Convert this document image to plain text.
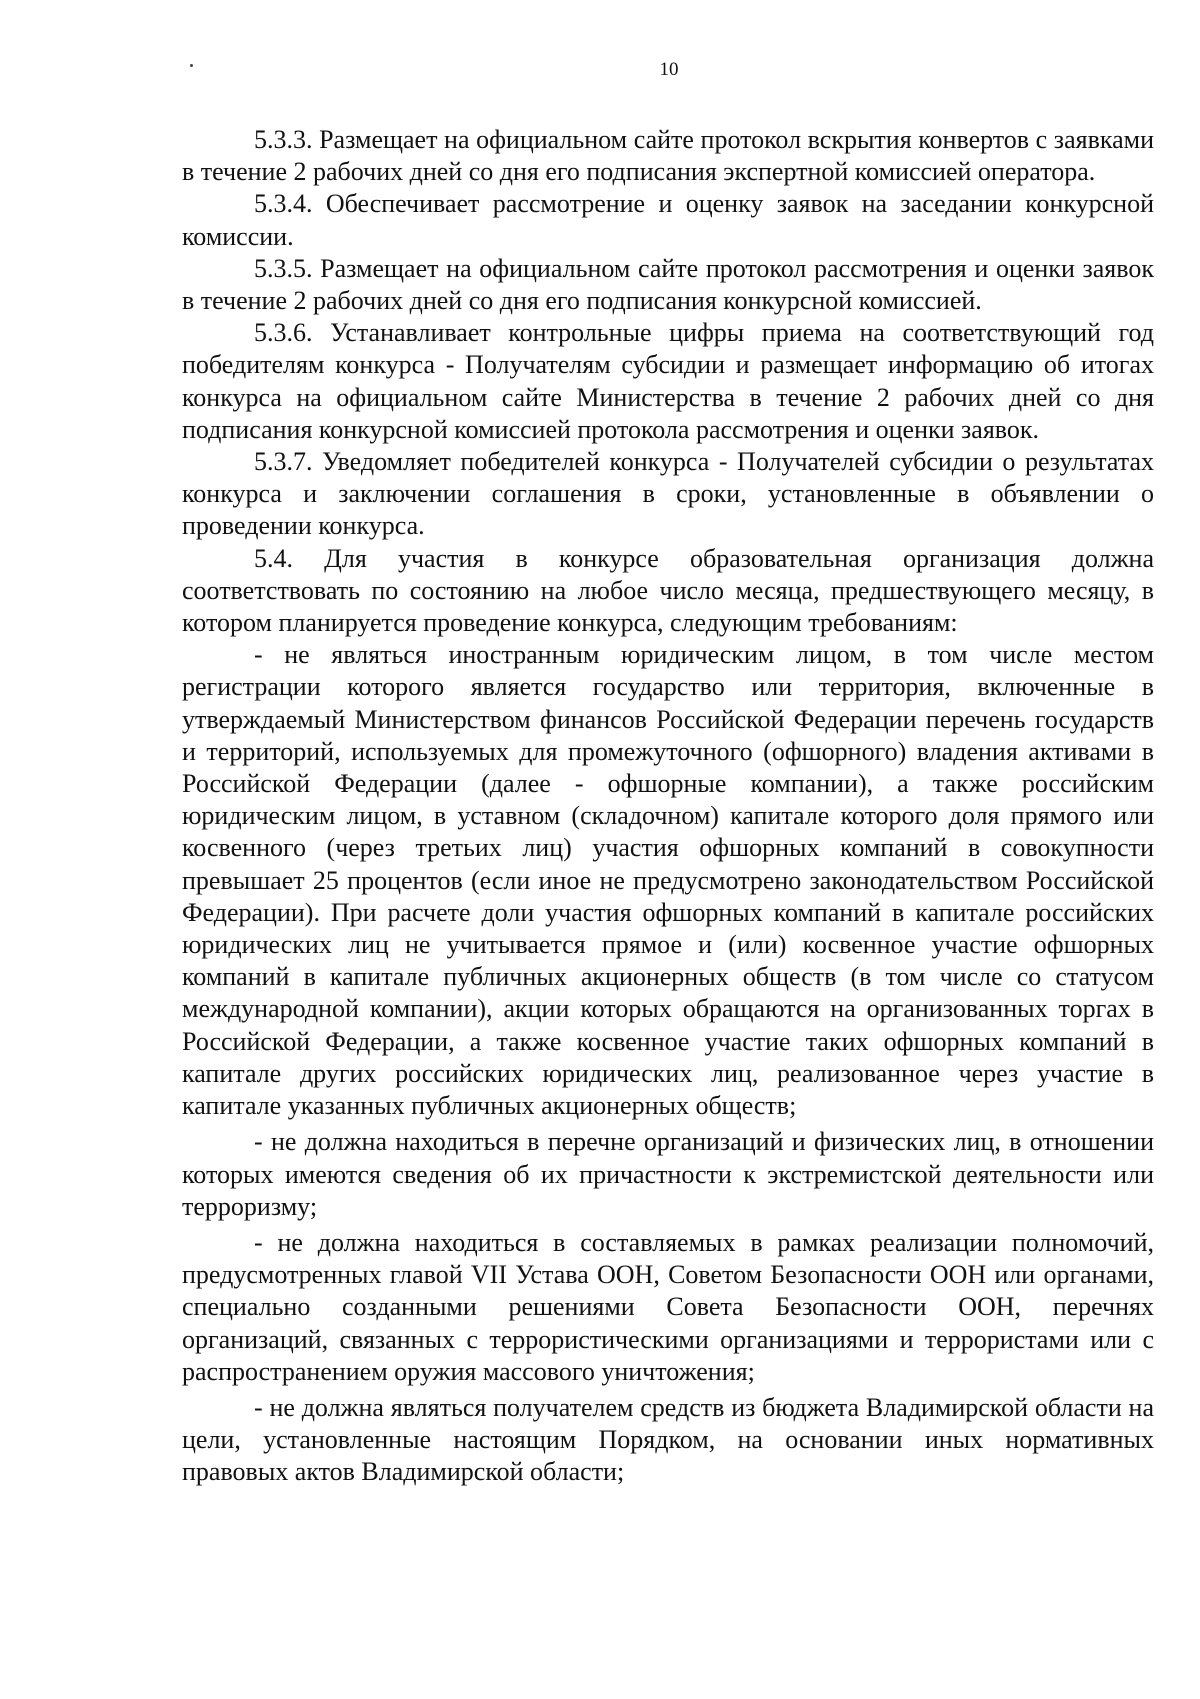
10

5.3.3. Размещает на официальном сайте протокол вскрытия конвертов с заявками в течение 2 рабочих дней со дня его подписания экспертной комиссией оператора.

5.3.4. Обеспечивает рассмотрение и оценку заявок на заседании конкурсной комиссии.

5.3.5. Размещает на официальном сайте протокол рассмотрения и оценки заявок в течение 2 рабочих дней со дня его подписания конкурсной комиссией.

5.3.6. Устанавливает контрольные цифры приема на соответствующий год победителям конкурса - Получателям субсидии и размещает информацию об итогах конкурса на официальном сайте Министерства в течение 2 рабочих дней со дня подписания конкурсной комиссией протокола рассмотрения и оценки заявок.

5.3.7. Уведомляет победителей конкурса - Получателей субсидии о результатах конкурса и заключении соглашения в сроки, установленные в объявлении о проведении конкурса.

5.4. Для участия в конкурсе образовательная организация должна соответствовать по состоянию на любое число месяца, предшествующего месяцу, в котором планируется проведение конкурса, следующим требованиям:

- не являться иностранным юридическим лицом, в том числе местом регистрации которого является государство или территория, включенные в утверждаемый Министерством финансов Российской Федерации перечень государств и территорий, используемых для промежуточного (офшорного) владения активами в Российской Федерации (далее - офшорные компании), а также российским юридическим лицом, в уставном (складочном) капитале которого доля прямого или косвенного (через третьих лиц) участия офшорных компаний в совокупности превышает 25 процентов (если иное не предусмотрено законодательством Российской Федерации). При расчете доли участия офшорных компаний в капитале российских юридических лиц не учитывается прямое и (или) косвенное участие офшорных компаний в капитале публичных акционерных обществ (в том числе со статусом международной компании), акции которых обращаются на организованных торгах в Российской Федерации, а также косвенное участие таких офшорных компаний в капитале других российских юридических лиц, реализованное через участие в капитале указанных публичных акционерных обществ;

- не должна находиться в перечне организаций и физических лиц, в отношении которых имеются сведения об их причастности к экстремистской деятельности или терроризму;

- не должна находиться в составляемых в рамках реализации полномочий, предусмотренных главой VII Устава ООН, Советом Безопасности ООН или органами, специально созданными решениями Совета Безопасности ООН, перечнях организаций, связанных с террористическими организациями и террористами или с распространением оружия массового уничтожения;

- не должна являться получателем средств из бюджета Владимирской области на цели, установленные настоящим Порядком, на основании иных нормативных правовых актов Владимирской области;
